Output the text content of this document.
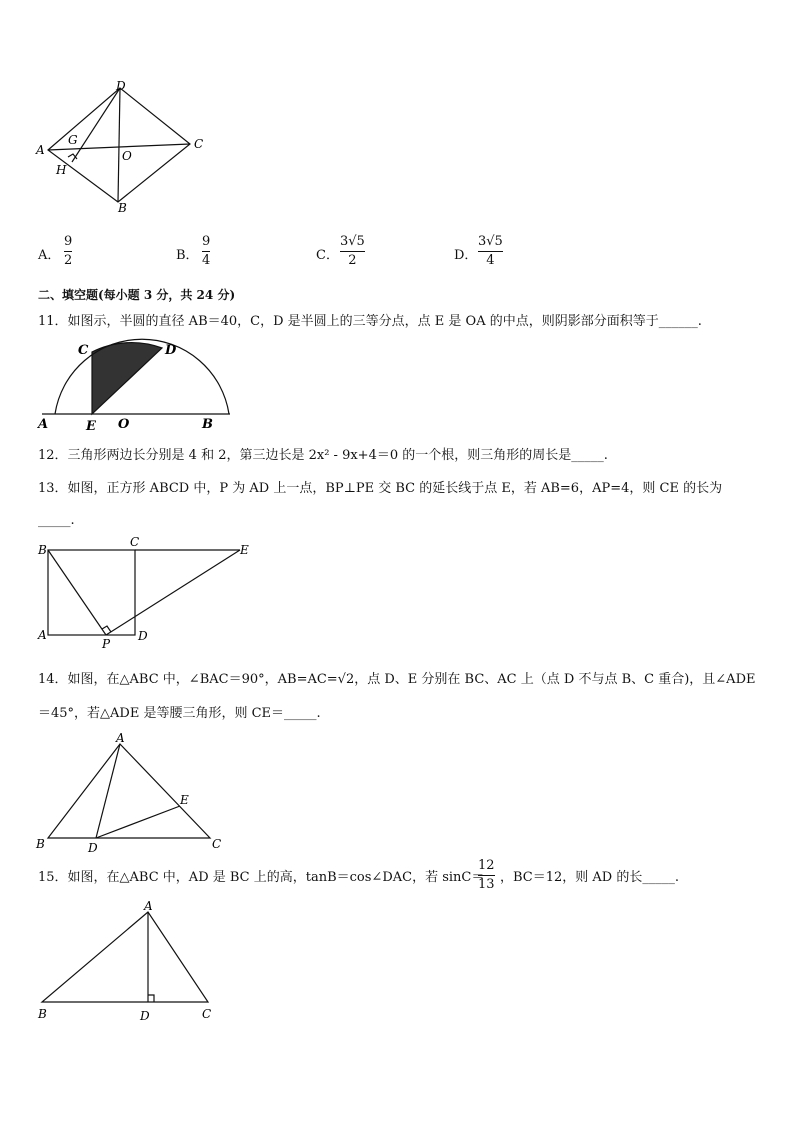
D
A	C
B
O
G
H
A．
9
2	B．
9
4	C．
3√5
2	D．
3√5
4
二、填空题(每小题 3 分，共 24 分)
11．如图示，半圆的直径 AB＝40，C，D 是半圆上的三等分点，点 E 是 OA 的中点，则阴影部分面积等于______.
C	D
A	E O	B
12．三角形两边长分别是 4 和 2，第三边长是 2x² - 9x+4＝0 的一个根，则三角形的周长是_____.
13．如图，正方形 ABCD 中，P 为 AD 上一点，BP⊥PE 交 BC 的延长线于点 E，若 AB=6，AP=4，则 CE 的长为
_____.
B
C
E
A	D
P
14．如图，在△ABC 中，∠BAC＝90°，AB=AC=√2，点 D、E 分别在 BC、AC 上（点 D 不与点 B、C 重合)，且∠ADE
＝45°，若△ADE 是等腰三角形，则 CE＝_____.
A
B	C
D
E
15．如图，在△ABC 中，AD 是 BC 上的高，tanB＝cos∠DAC，若 sinC＝
12
13 ，BC＝12，则 AD 的长_____.
A
B	D	C
